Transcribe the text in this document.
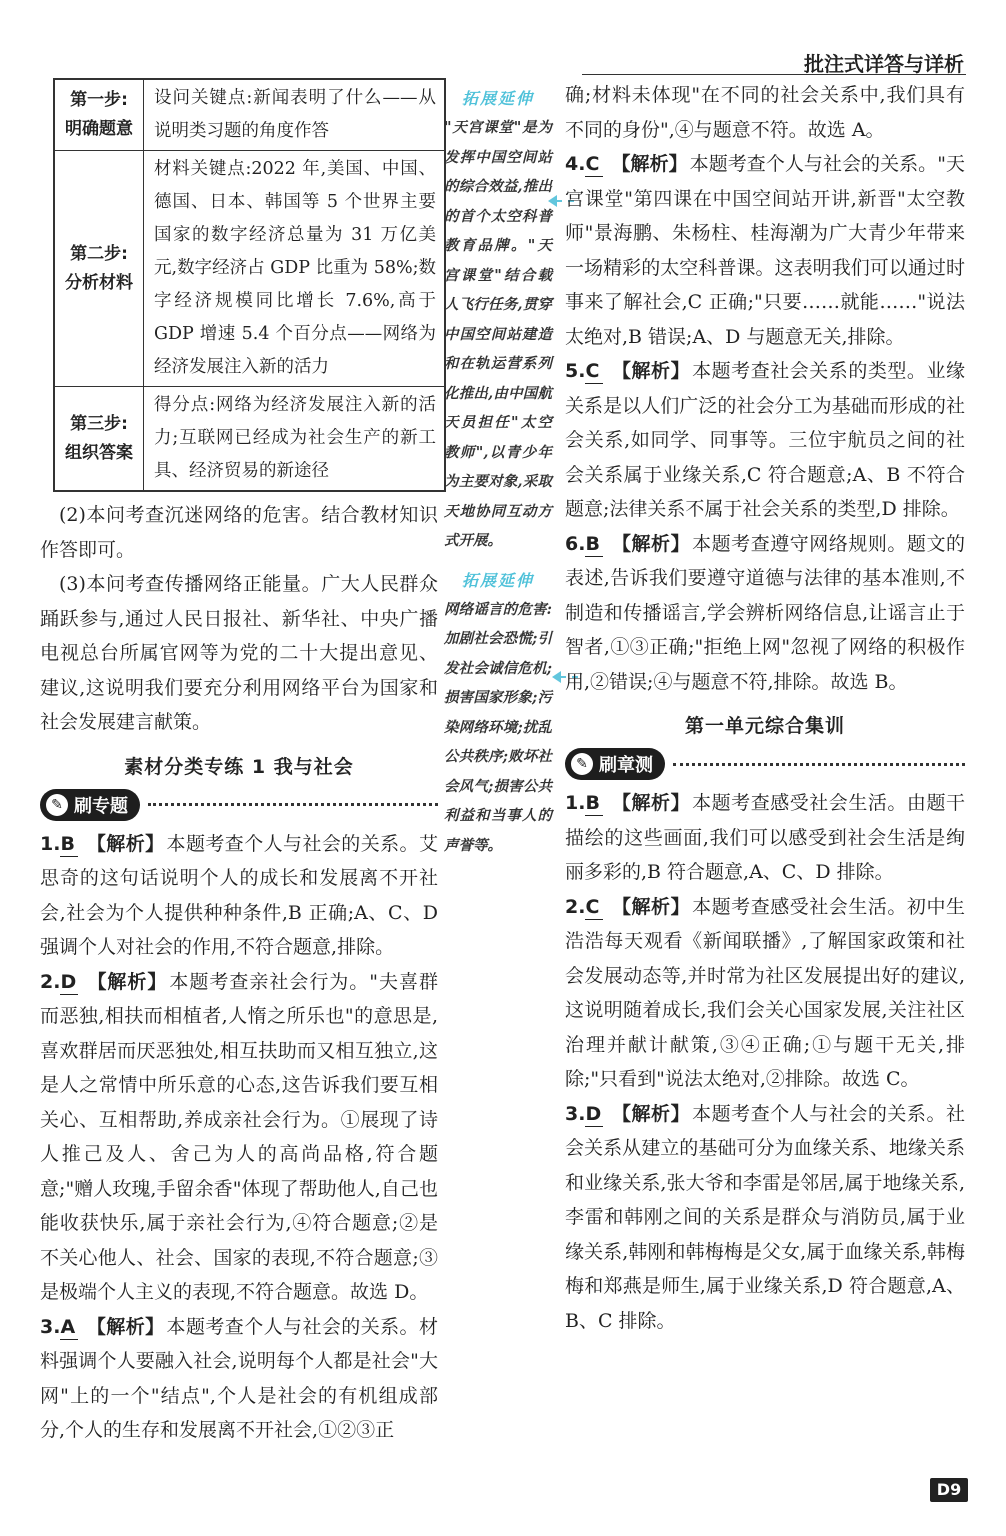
批注式详答与详析
第一步:
明确题意	设问关键点:新闻表明了什么——从说明类习题的角度作答

第二步:
分析材料	材料关键点:2022 年,美国、中国、德国、日本、韩国等 5 个世界主要国家的数字经济总量为 31 万亿美元,数字经济占 GDP 比重为 58%;数字经济规模同比增长 7.6%,高于 GDP 增速 5.4 个百分点——网络为经济发展注入新的活力

第三步:
组织答案	得分点:网络为经济发展注入新的活力;互联网已经成为社会生产的新工具、经济贸易的新途径

(2)本问考查沉迷网络的危害。结合教材知识作答即可。

(3)本问考查传播网络正能量。广大人民群众踊跃参与,通过人民日报社、新华社、中央广播电视总台所属官网等为党的二十大提出意见、建议,这说明我们要充分利用网络平台为国家和社会发展建言献策。

素材分类专练 1 我与社会
✎ 刷专题

1.B 【解析】 本题考查个人与社会的关系。艾思奇的这句话说明个人的成长和发展离不开社会,社会为个人提供种种条件,B 正确;A、C、D 强调个人对社会的作用,不符合题意,排除。

2.D 【解析】 本题考查亲社会行为。"夫喜群而恶独,相扶而相植者,人惰之所乐也"的意思是,喜欢群居而厌恶独处,相互扶助而又相互独立,这是人之常情中所乐意的心态,这告诉我们要互相关心、互相帮助,养成亲社会行为。①展现了诗人推己及人、舍己为人的高尚品格,符合题意;"赠人玫瑰,手留余香"体现了帮助他人,自己也能收获快乐,属于亲社会行为,④符合题意;②是不关心他人、社会、国家的表现,不符合题意;③是极端个人主义的表现,不符合题意。故选 D。

3.A 【解析】 本题考查个人与社会的关系。材料强调个人要融入社会,说明每个人都是社会"大网"上的一个"结点",个人是社会的有机组成部分,个人的生存和发展离不开社会,①②③正

拓展延伸

"天宫课堂"是为发挥中国空间站的综合效益,推出的首个太空科普教育品牌。"天宫课堂"结合载人飞行任务,贯穿中国空间站建造和在轨运营系列化推出,由中国航天员担任"太空教师",以青少年为主要对象,采取天地协同互动方式开展。

拓展延伸

网络谣言的危害:加剧社会恐慌;引发社会诚信危机;损害国家形象;污染网络环境;扰乱公共秩序;败坏社会风气;损害公共利益和当事人的声誉等。

确;材料未体现"在不同的社会关系中,我们具有不同的身份",④与题意不符。故选 A。

4.C 【解析】 本题考查个人与社会的关系。"天宫课堂"第四课在中国空间站开讲,新晋"太空教师"景海鹏、朱杨柱、桂海潮为广大青少年带来一场精彩的太空科普课。这表明我们可以通过时事来了解社会,C 正确;"只要……就能……"说法太绝对,B 错误;A、D 与题意无关,排除。

5.C 【解析】 本题考查社会关系的类型。业缘关系是以人们广泛的社会分工为基础而形成的社会关系,如同学、同事等。三位宇航员之间的社会关系属于业缘关系,C 符合题意;A、B 不符合题意;法律关系不属于社会关系的类型,D 排除。

6.B 【解析】 本题考查遵守网络规则。题文的表述,告诉我们要遵守道德与法律的基本准则,不制造和传播谣言,学会辨析网络信息,让谣言止于智者,①③正确;"拒绝上网"忽视了网络的积极作用,②错误;④与题意不符,排除。故选 B。

第一单元综合集训
✎ 刷章测

1.B 【解析】 本题考查感受社会生活。由题干描绘的这些画面,我们可以感受到社会生活是绚丽多彩的,B 符合题意,A、C、D 排除。

2.C 【解析】 本题考查感受社会生活。初中生浩浩每天观看《新闻联播》,了解国家政策和社会发展动态等,并时常为社区发展提出好的建议,这说明随着成长,我们会关心国家发展,关注社区治理并献计献策,③④正确;①与题干无关,排除;"只看到"说法太绝对,②排除。故选 C。

3.D 【解析】 本题考查个人与社会的关系。社会关系从建立的基础可分为血缘关系、地缘关系和业缘关系,张大爷和李雷是邻居,属于地缘关系,李雷和韩刚之间的关系是群众与消防员,属于业缘关系,韩刚和韩梅梅是父女,属于血缘关系,韩梅梅和郑燕是师生,属于业缘关系,D 符合题意,A、B、C 排除。

D9
